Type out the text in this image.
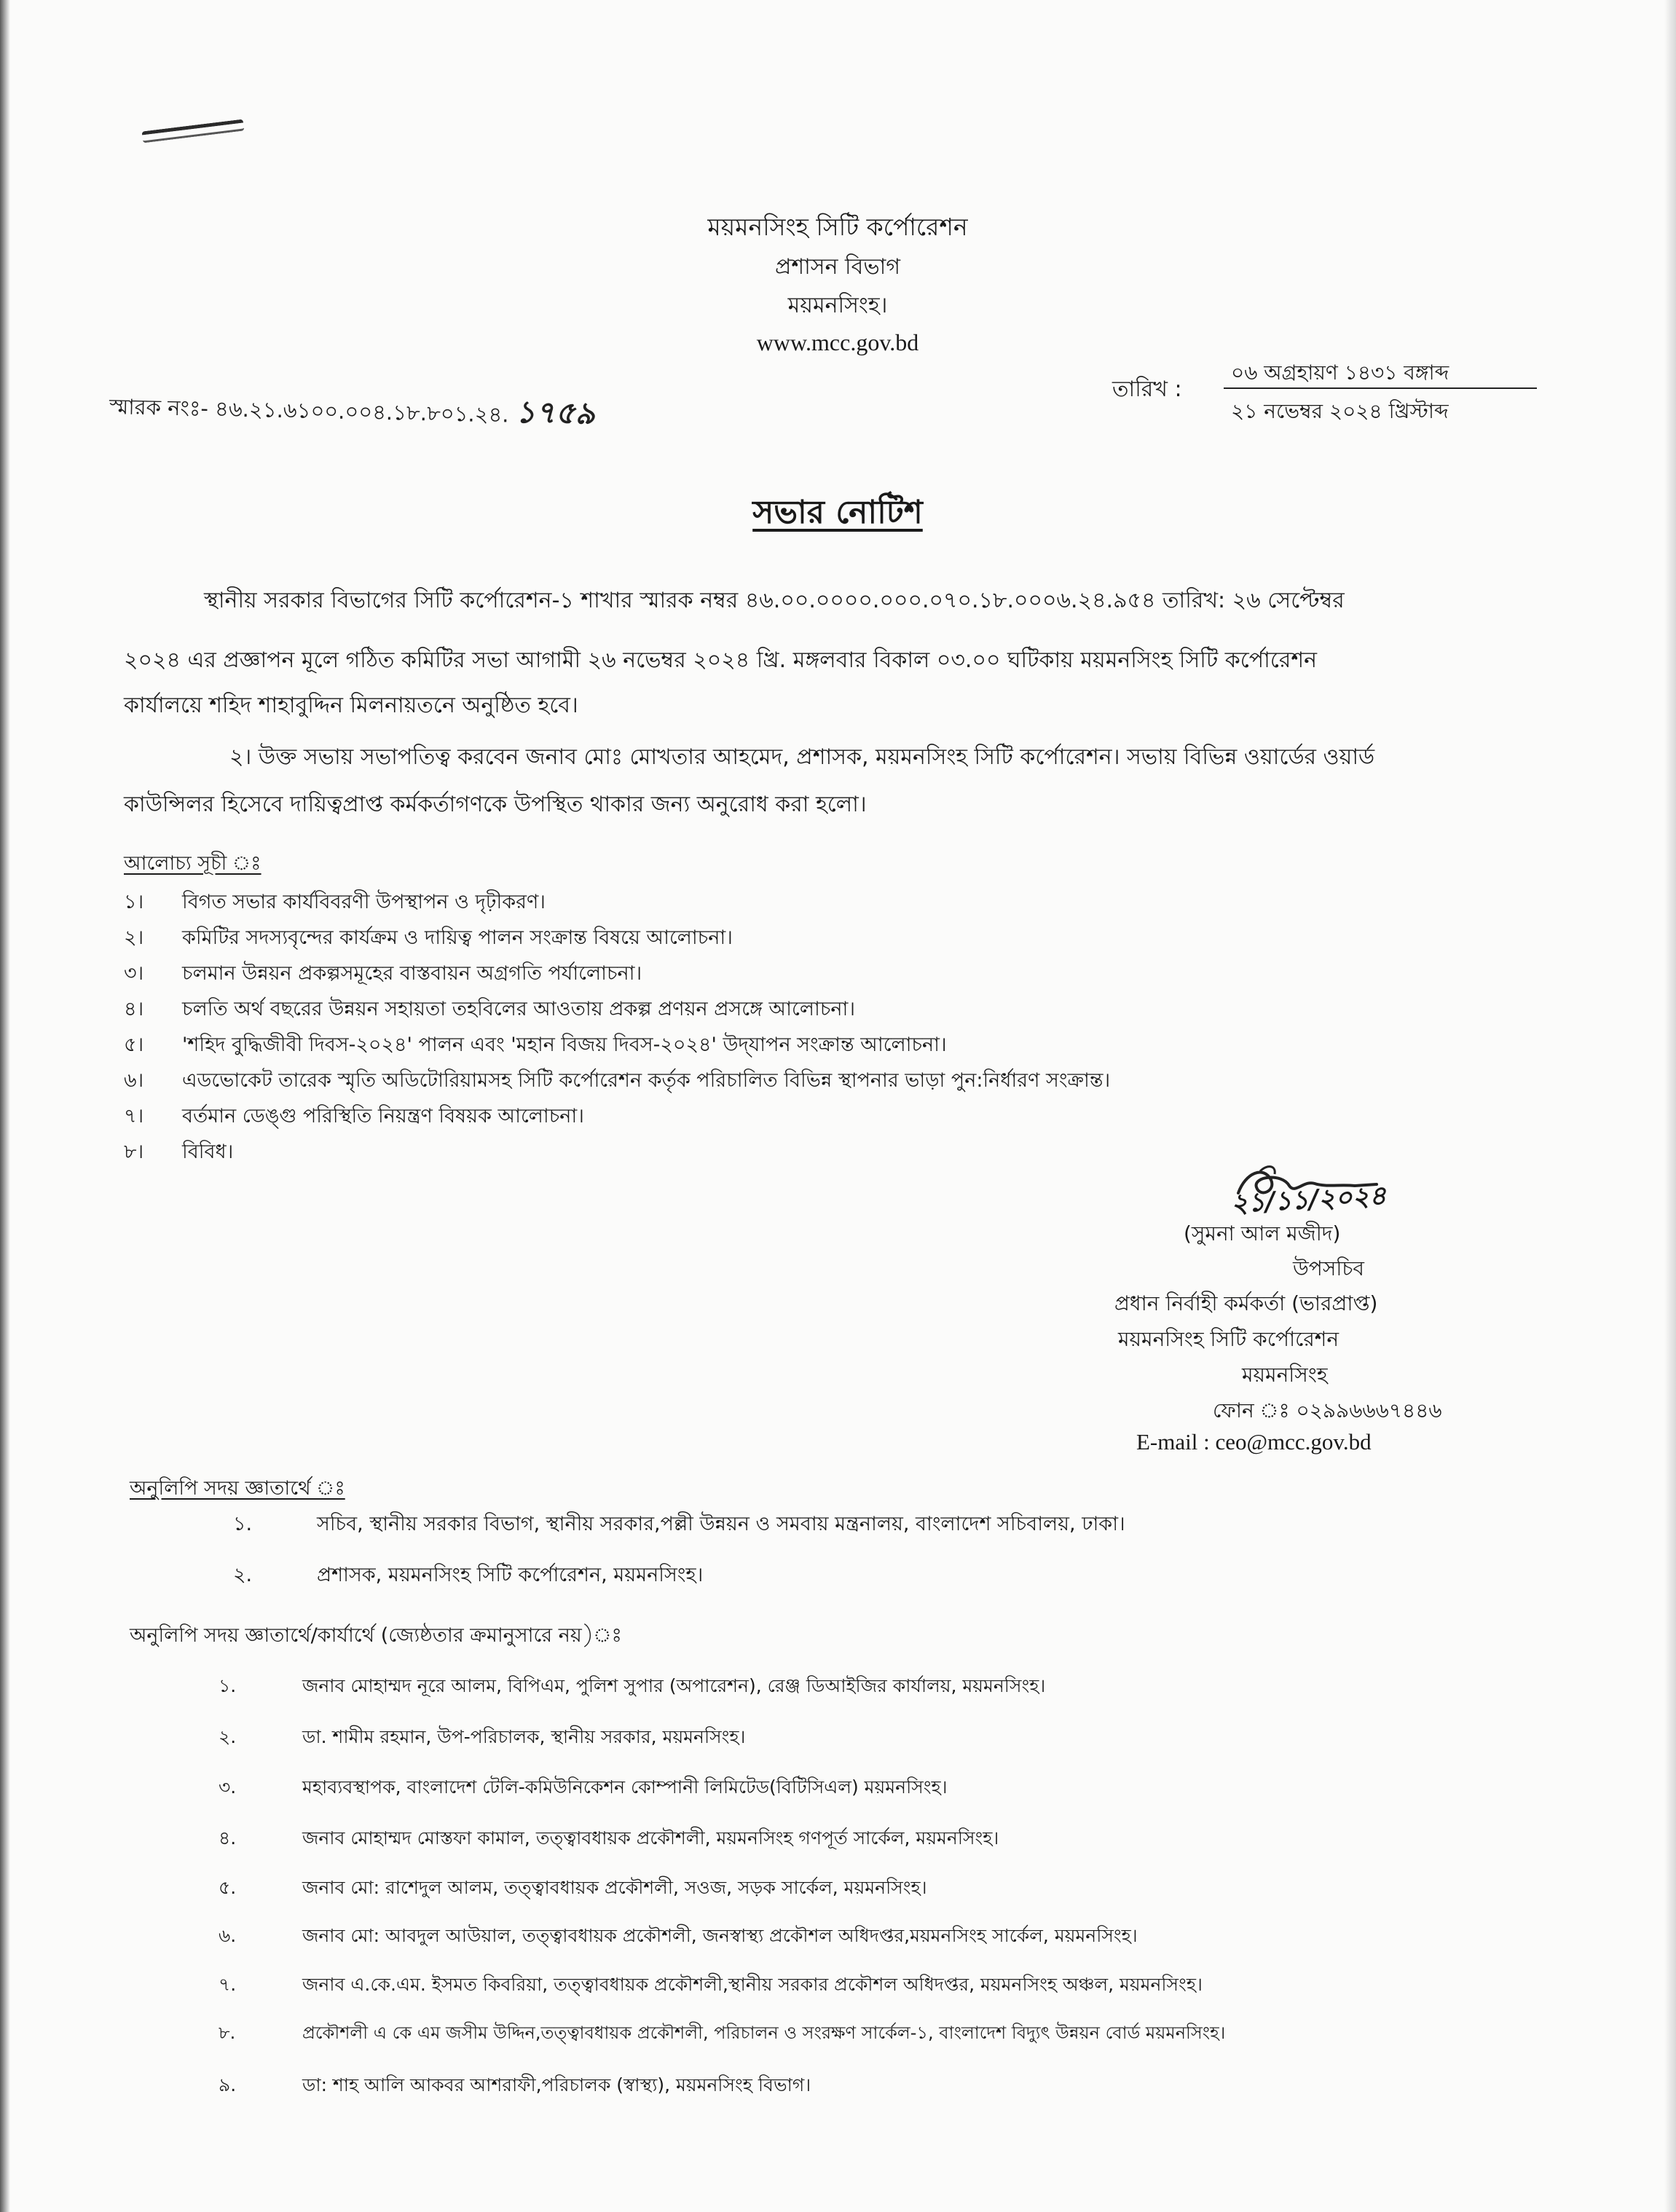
ময়মনসিংহ সিটি কর্পোরেশন
প্রশাসন বিভাগ
ময়মনসিংহ।
www.mcc.gov.bd
স্মারক নংঃ- ৪৬.২১.৬১০০.০০৪.১৮.৮০১.২৪. ১৭৫৯
তারিখ :
০৬ অগ্রহায়ণ ১৪৩১ বঙ্গাব্দ
২১ নভেম্বর ২০২৪ খ্রিস্টাব্দ
সভার নোটিশ
স্থানীয় সরকার বিভাগের সিটি কর্পোরেশন-১ শাখার স্মারক নম্বর ৪৬.০০.০০০০.০০০.০৭০.১৮.০০০৬.২৪.৯৫৪ তারিখ: ২৬ সেপ্টেম্বর
২০২৪ এর প্রজ্ঞাপন মূলে গঠিত কমিটির সভা আগামী ২৬ নভেম্বর ২০২৪ খ্রি. মঙ্গলবার বিকাল ০৩.০০ ঘটিকায় ময়মনসিংহ সিটি কর্পোরেশন
কার্যালয়ে শহিদ শাহাবুদ্দিন মিলনায়তনে অনুষ্ঠিত হবে।
২। উক্ত সভায় সভাপতিত্ব করবেন জনাব মোঃ মোখতার আহমেদ, প্রশাসক, ময়মনসিংহ সিটি কর্পোরেশন। সভায় বিভিন্ন ওয়ার্ডের ওয়ার্ড
কাউন্সিলর হিসেবে দায়িত্বপ্রাপ্ত কর্মকর্তাগণকে উপস্থিত থাকার জন্য অনুরোধ করা হলো।
আলোচ্য সূচী ঃ
১। বিগত সভার কার্যবিবরণী উপস্থাপন ও দৃঢ়ীকরণ।
২। কমিটির সদস্যবৃন্দের কার্যক্রম ও দায়িত্ব পালন সংক্রান্ত বিষয়ে আলোচনা।
৩। চলমান উন্নয়ন প্রকল্পসমূহের বাস্তবায়ন অগ্রগতি পর্যালোচনা।
৪। চলতি অর্থ বছরের উন্নয়ন সহায়তা তহবিলের আওতায় প্রকল্প প্রণয়ন প্রসঙ্গে আলোচনা।
৫। 'শহিদ বুদ্ধিজীবী দিবস-২০২৪' পালন এবং 'মহান বিজয় দিবস-২০২৪' উদ্‌যাপন সংক্রান্ত আলোচনা।
৬। এডভোকেট তারেক স্মৃতি অডিটোরিয়ামসহ সিটি কর্পোরেশন কর্তৃক পরিচালিত বিভিন্ন স্থাপনার ভাড়া পুন:নির্ধারণ সংক্রান্ত।
৭। বর্তমান ডেঙ্গু পরিস্থিতি নিয়ন্ত্রণ বিষয়ক আলোচনা।
৮। বিবিধ।
২১/১১/২০২৪
(সুমনা আল মজীদ)
উপসচিব
প্রধান নির্বাহী কর্মকর্তা (ভারপ্রাপ্ত)
ময়মনসিংহ সিটি কর্পোরেশন
ময়মনসিংহ
ফোন ঃ ০২৯৯৬৬৬৭৪৪৬
E-mail : ceo@mcc.gov.bd
অনুলিপি সদয় জ্ঞাতার্থে ঃ
১.	সচিব, স্থানীয় সরকার বিভাগ, স্থানীয় সরকার,পল্লী উন্নয়ন ও সমবায় মন্ত্রনালয়, বাংলাদেশ সচিবালয়, ঢাকা।
২.	প্রশাসক, ময়মনসিংহ সিটি কর্পোরেশন, ময়মনসিংহ।
অনুলিপি সদয় জ্ঞাতার্থে/কার্যার্থে (জ্যেষ্ঠতার ক্রমানুসারে নয়)ঃ
১.	জনাব মোহাম্মদ নূরে আলম, বিপিএম, পুলিশ সুপার (অপারেশন), রেঞ্জ ডিআইজির কার্যালয়, ময়মনসিংহ।
২.	ডা. শামীম রহমান, উপ-পরিচালক, স্থানীয় সরকার, ময়মনসিংহ।
৩.	মহাব্যবস্থাপক, বাংলাদেশ টেলি-কমিউনিকেশন কোম্পানী লিমিটেড(বিটিসিএল) ময়মনসিংহ।
৪.	জনাব মোহাম্মদ মোস্তফা কামাল, তত্ত্বাবধায়ক প্রকৌশলী, ময়মনসিংহ গণপূর্ত সার্কেল, ময়মনসিংহ।
৫.	জনাব মো: রাশেদুল আলম, তত্ত্বাবধায়ক প্রকৌশলী, সওজ, সড়ক সার্কেল, ময়মনসিংহ।
৬.	জনাব মো: আবদুল আউয়াল, তত্ত্বাবধায়ক প্রকৌশলী, জনস্বাস্থ্য প্রকৌশল অধিদপ্তর,ময়মনসিংহ সার্কেল, ময়মনসিংহ।
৭.	জনাব এ.কে.এম. ইসমত কিবরিয়া, তত্ত্বাবধায়ক প্রকৌশলী,স্থানীয় সরকার প্রকৌশল অধিদপ্তর, ময়মনসিংহ অঞ্চল, ময়মনসিংহ।
৮.	প্রকৌশলী এ কে এম জসীম উদ্দিন,তত্ত্বাবধায়ক প্রকৌশলী, পরিচালন ও সংরক্ষণ সার্কেল-১, বাংলাদেশ বিদ্যুৎ উন্নয়ন বোর্ড ময়মনসিংহ।
৯.	ডা: শাহ আলি আকবর আশরাফী,পরিচালক (স্বাস্থ্য), ময়মনসিংহ বিভাগ।
